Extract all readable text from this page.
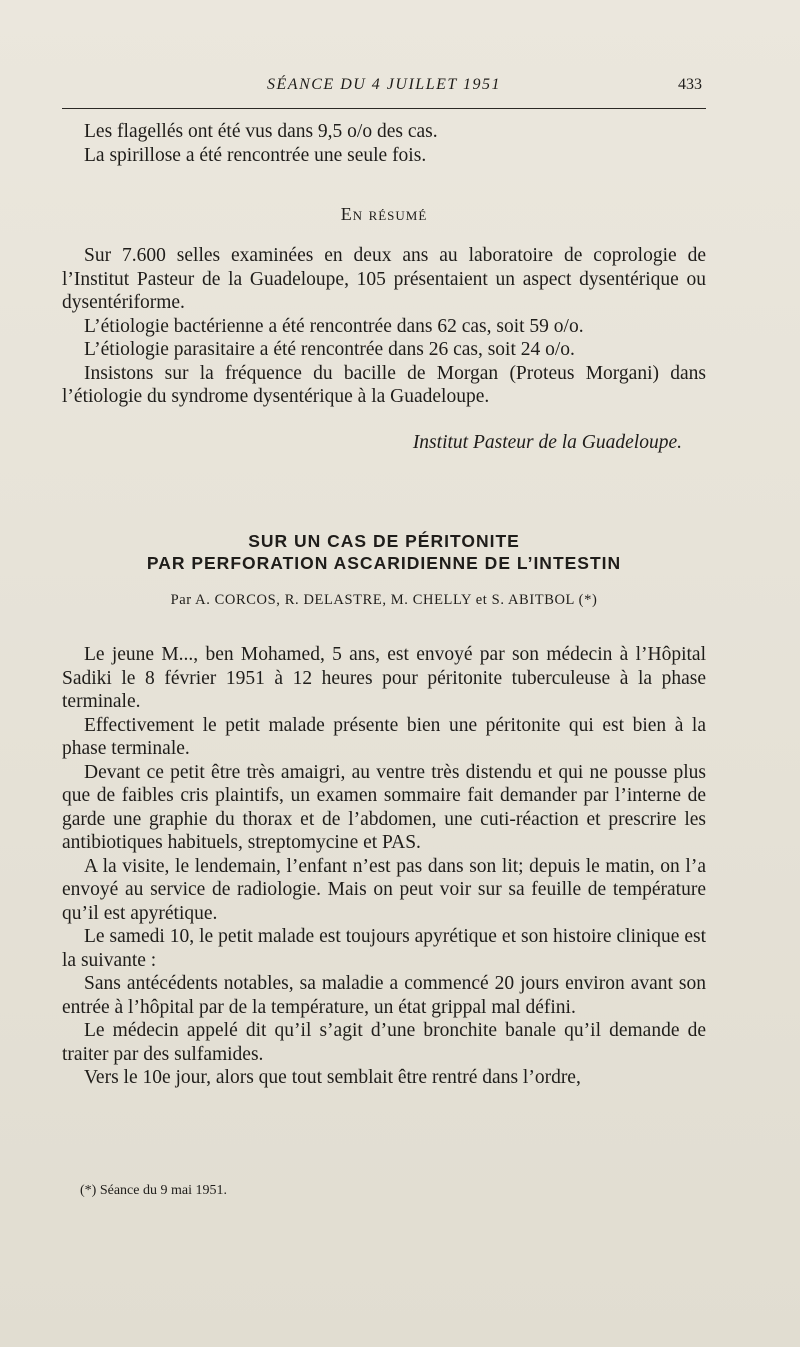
SÉANCE DU 4 JUILLET 1951	433

Les flagellés ont été vus dans 9,5 o/o des cas.

La spirillose a été rencontrée une seule fois.

En résumé

Sur 7.600 selles examinées en deux ans au laboratoire de coprologie de l’Institut Pasteur de la Guadeloupe, 105 présentaient un aspect dysentérique ou dysentériforme.

L’étiologie bactérienne a été rencontrée dans 62 cas, soit 59 o/o.

L’étiologie parasitaire a été rencontrée dans 26 cas, soit 24 o/o.

Insistons sur la fréquence du bacille de Morgan (Proteus Morgani) dans l’étiologie du syndrome dysentérique à la Guadeloupe.

Institut Pasteur de la Guadeloupe.
SUR UN CAS DE PÉRITONITE
PAR PERFORATION ASCARIDIENNE DE L’INTESTIN
Par A. CORCOS, R. DELASTRE, M. CHELLY et S. ABITBOL (*)

Le jeune M..., ben Mohamed, 5 ans, est envoyé par son médecin à l’Hôpital Sadiki le 8 février 1951 à 12 heures pour péritonite tuberculeuse à la phase terminale.

Effectivement le petit malade présente bien une péritonite qui est bien à la phase terminale.

Devant ce petit être très amaigri, au ventre très distendu et qui ne pousse plus que de faibles cris plaintifs, un examen sommaire fait demander par l’interne de garde une graphie du thorax et de l’abdomen, une cuti-réaction et prescrire les antibiotiques habituels, streptomycine et PAS.

A la visite, le lendemain, l’enfant n’est pas dans son lit; depuis le matin, on l’a envoyé au service de radiologie. Mais on peut voir sur sa feuille de température qu’il est apyrétique.

Le samedi 10, le petit malade est toujours apyrétique et son histoire clinique est la suivante :

Sans antécédents notables, sa maladie a commencé 20 jours environ avant son entrée à l’hôpital par de la température, un état grippal mal défini.

Le médecin appelé dit qu’il s’agit d’une bronchite banale qu’il demande de traiter par des sulfamides.

Vers le 10e jour, alors que tout semblait être rentré dans l’ordre,

(*) Séance du 9 mai 1951.
